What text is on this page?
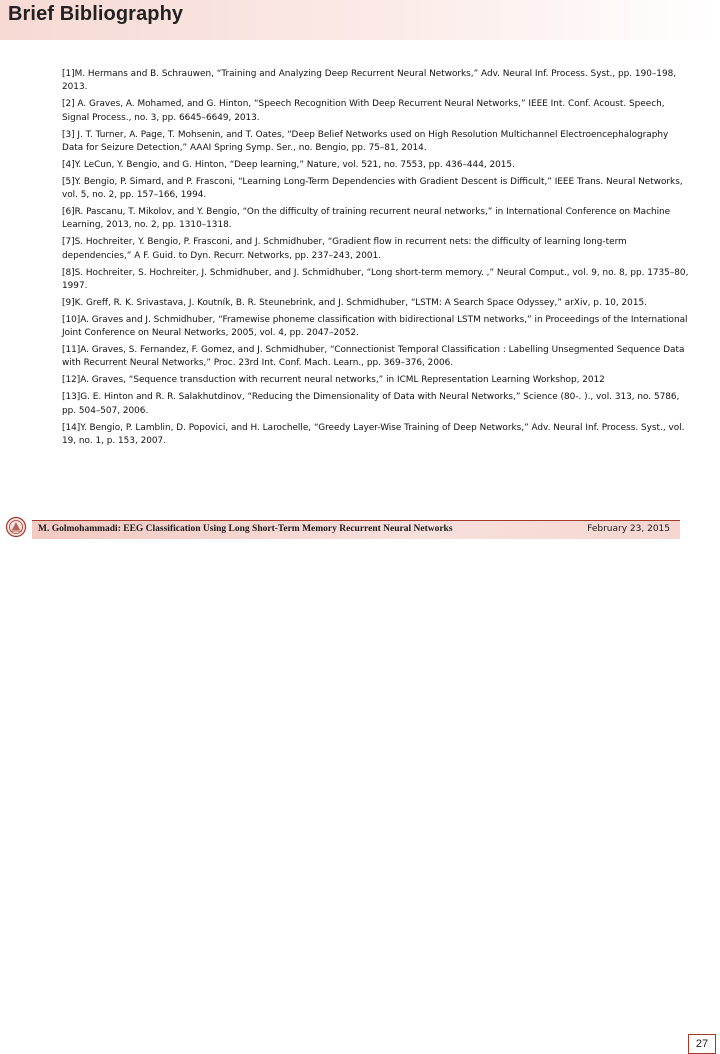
Brief Bibliography

[1]M. Hermans and B. Schrauwen, “Training and Analyzing Deep Recurrent Neural Networks,” Adv. Neural Inf. Process. Syst., pp. 190–198, 2013.

[2] A. Graves, A. Mohamed, and G. Hinton, “Speech Recognition With Deep Recurrent Neural Networks,” IEEE Int. Conf. Acoust. Speech, Signal Process., no. 3, pp. 6645–6649, 2013.

[3] J. T. Turner, A. Page, T. Mohsenin, and T. Oates, “Deep Belief Networks used on High Resolution Multichannel Electroencephalography Data for Seizure Detection,” AAAI Spring Symp. Ser., no. Bengio, pp. 75–81, 2014.

[4]Y. LeCun, Y. Bengio, and G. Hinton, “Deep learning,” Nature, vol. 521, no. 7553, pp. 436–444, 2015.

[5]Y. Bengio, P. Simard, and P. Frasconi, “Learning Long-Term Dependencies with Gradient Descent is Difficult,” IEEE Trans. Neural Networks, vol. 5, no. 2, pp. 157–166, 1994.

[6]R. Pascanu, T. Mikolov, and Y. Bengio, “On the difficulty of training recurrent neural networks,” in International Conference on Machine Learning, 2013, no. 2, pp. 1310–1318.

[7]S. Hochreiter, Y. Bengio, P. Frasconi, and J. Schmidhuber, “Gradient flow in recurrent nets: the difficulty of learning long-term dependencies,” A F. Guid. to Dyn. Recurr. Networks, pp. 237–243, 2001.

[8]S. Hochreiter, S. Hochreiter, J. Schmidhuber, and J. Schmidhuber, “Long short-term memory. ,” Neural Comput., vol. 9, no. 8, pp. 1735–80, 1997.

[9]K. Greff, R. K. Srivastava, J. Koutník, B. R. Steunebrink, and J. Schmidhuber, “LSTM: A Search Space Odyssey,” arXiv, p. 10, 2015.

[10]A. Graves and J. Schmidhuber, “Framewise phoneme classification with bidirectional LSTM networks,” in Proceedings of the International Joint Conference on Neural Networks, 2005, vol. 4, pp. 2047–2052.

[11]A. Graves, S. Fernandez, F. Gomez, and J. Schmidhuber, “Connectionist Temporal Classification : Labelling Unsegmented Sequence Data with Recurrent Neural Networks,” Proc. 23rd Int. Conf. Mach. Learn., pp. 369–376, 2006.

[12]A. Graves, “Sequence transduction with recurrent neural networks,” in ICML Representation Learning Workshop, 2012

[13]G. E. Hinton and R. R. Salakhutdinov, “Reducing the Dimensionality of Data with Neural Networks,” Science (80-. )., vol. 313, no. 5786, pp. 504–507, 2006.

[14]Y. Bengio, P. Lamblin, D. Popovici, and H. Larochelle, “Greedy Layer-Wise Training of Deep Networks,” Adv. Neural Inf. Process. Syst., vol. 19, no. 1, p. 153, 2007.

M. Golmohammadi: EEG Classification Using Long Short-Term Memory Recurrent Neural Networks	February 23, 2015
27
